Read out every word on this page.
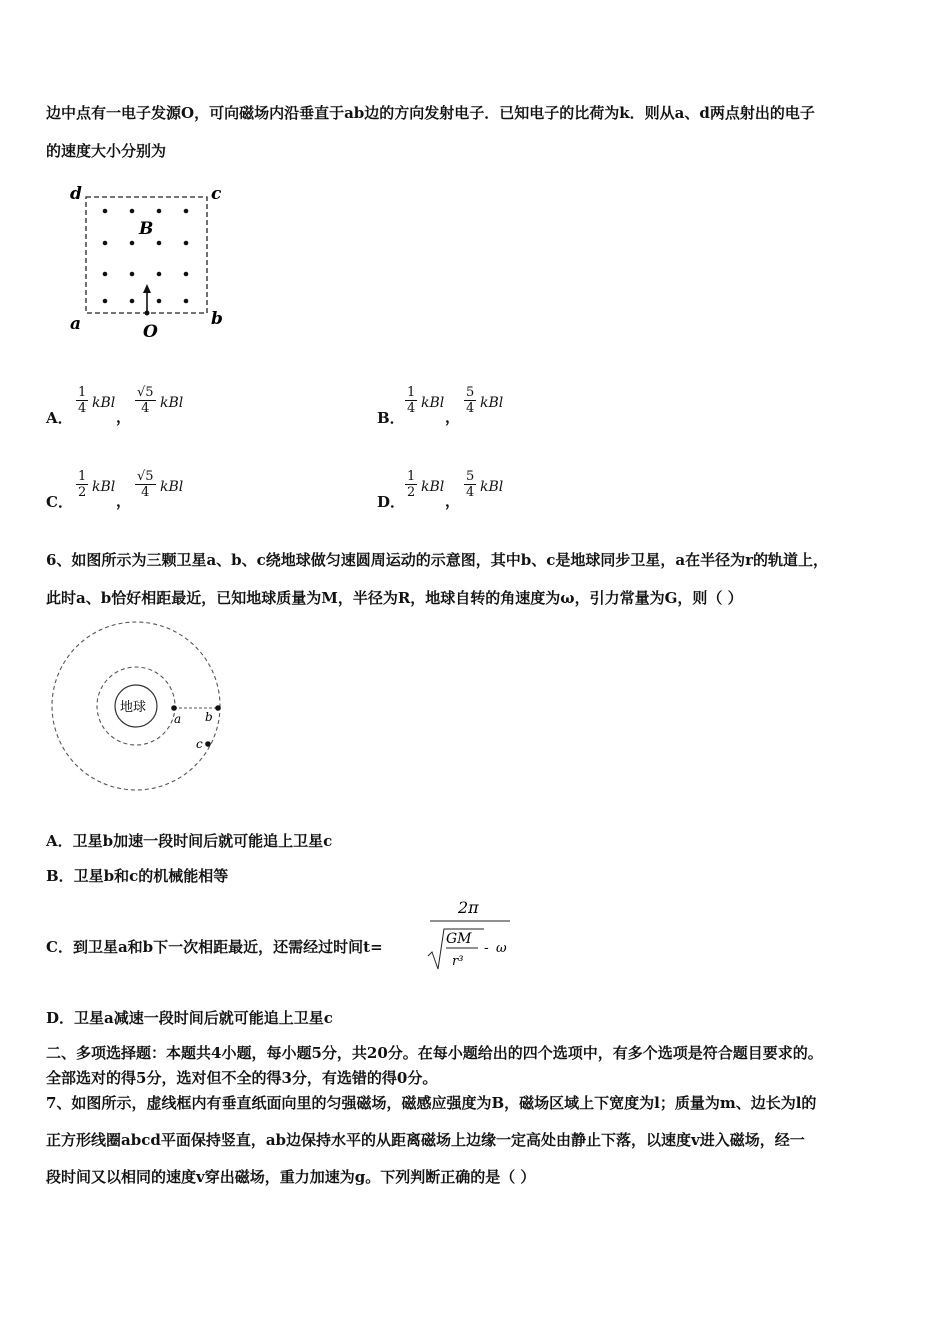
边中点有一电子发源O，可向磁场内沿垂直于ab边的方向发射电子．已知电子的比荷为k．则从a、d两点射出的电子
的速度大小分别为
d	c
a	b
B
O
A．
$\frac{1}{4}$ kBl
，
$\frac{√5}{4}$ kBl
B．
$\frac{1}{4}$ kBl
，
$\frac{5}{4}$ kBl
C．
$\frac{1}{2}$ kBl
，
$\frac{√5}{4}$ kBl
D．
$\frac{1}{2}$ kBl
，
$\frac{5}{4}$ kBl
6、如图所示为三颗卫星a、b、c绕地球做匀速圆周运动的示意图，其中b、c是地球同步卫星，a在半径为r的轨道上，
此时a、b恰好相距最近，已知地球质量为M，半径为R，地球自转的角速度为ω，引力常量为G，则（ ）
地球
a b
c
A．卫星b加速一段时间后就可能追上卫星c
B．卫星b和c的机械能相等
C．到卫星a和b下一次相距最近，还需经过时间t=
2π
GM
r³
- ω
D．卫星a减速一段时间后就可能追上卫星c
二、多项选择题：本题共4小题，每小题5分，共20分。在每小题给出的四个选项中，有多个选项是符合题目要求的。
全部选对的得5分，选对但不全的得3分，有选错的得0分。
7、如图所示，虚线框内有垂直纸面向里的匀强磁场，磁感应强度为B，磁场区域上下宽度为l；质量为m、边长为l的
正方形线圈abcd平面保持竖直，ab边保持水平的从距离磁场上边缘一定高处由静止下落，以速度v进入磁场，经一
段时间又以相同的速度v穿出磁场，重力加速为g。下列判断正确的是（ ）
